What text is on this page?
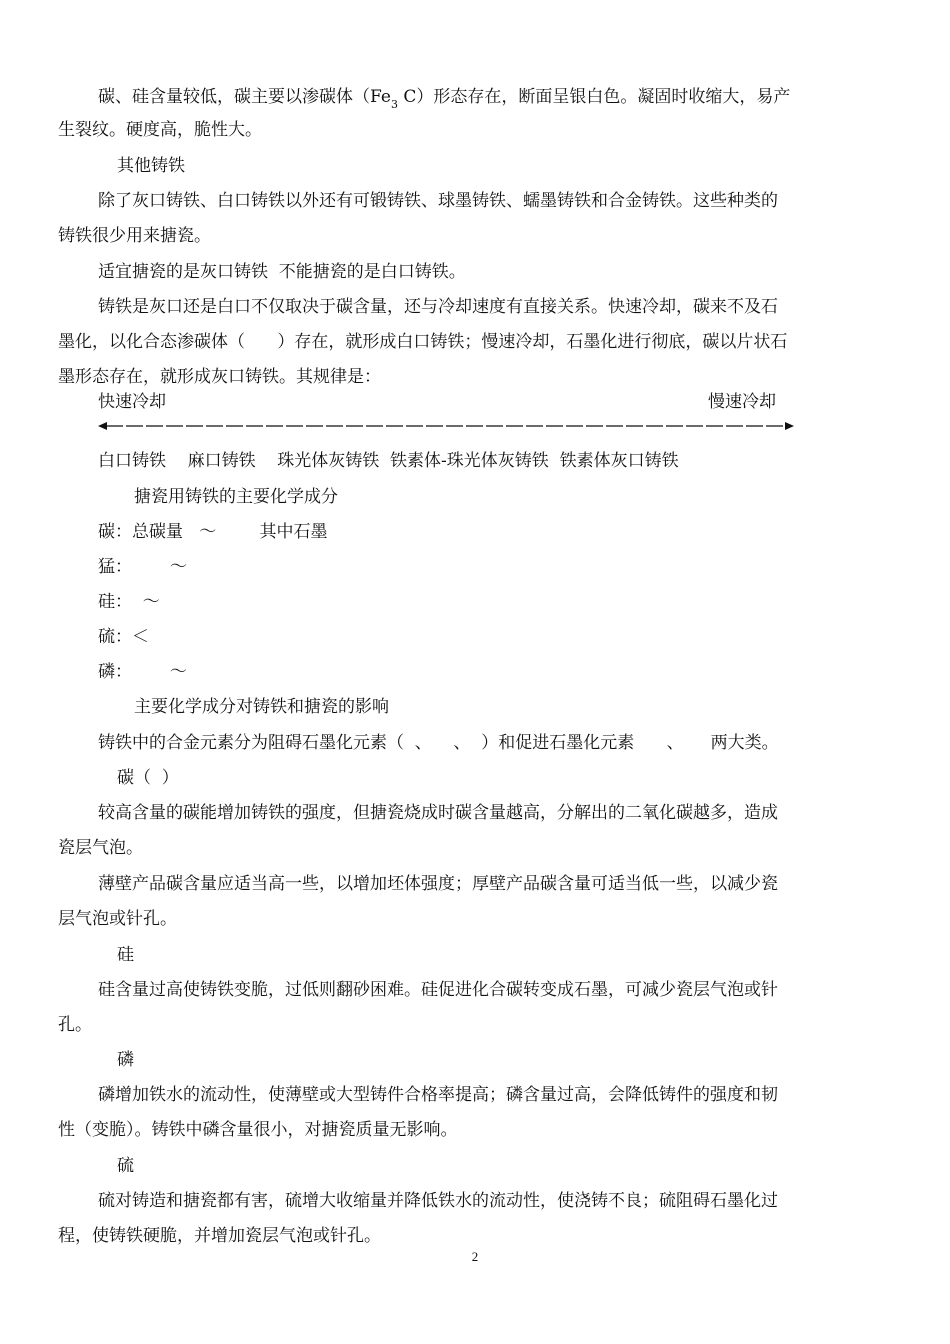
碳、硅含量较低，碳主要以渗碳体（$Fe_3$ C）形态存在，断面呈银白色。凝固时收缩大，易产
生裂纹。硬度高，脆性大。
其他铸铁
除了灰口铸铁、白口铸铁以外还有可锻铸铁、球墨铸铁、蠕墨铸铁和合金铸铁。这些种类的
铸铁很少用来搪瓷。
适宜搪瓷的是灰口铸铁  不能搪瓷的是白口铸铁。
铸铁是灰口还是白口不仅取决于碳含量，还与冷却速度有直接关系。快速冷却，碳来不及石
墨化，以化合态渗碳体（      ）存在，就形成白口铸铁；慢速冷却，石墨化进行彻底，碳以片状石
墨形态存在，就形成灰口铸铁。其规律是：
快速冷却	慢速冷却
白口铸铁    麻口铸铁    珠光体灰铸铁  铁素体-珠光体灰铸铁  铁素体灰口铸铁
搪瓷用铸铁的主要化学成分
碳：总碳量   ～        其中石墨
猛：       ～
硅：  ～
硫：＜
磷：       ～
主要化学成分对铸铁和搪瓷的影响
铸铁中的合金元素分为阻碍石墨化元素（  、    、  ）和促进石墨化元素      、     两大类。
碳（  ）
较高含量的碳能增加铸铁的强度，但搪瓷烧成时碳含量越高，分解出的二氧化碳越多，造成
瓷层气泡。
薄壁产品碳含量应适当高一些，以增加坯体强度；厚壁产品碳含量可适当低一些，以减少瓷
层气泡或针孔。
硅
硅含量过高使铸铁变脆，过低则翻砂困难。硅促进化合碳转变成石墨，可减少瓷层气泡或针
孔。
磷
磷增加铁水的流动性，使薄壁或大型铸件合格率提高；磷含量过高，会降低铸件的强度和韧
性（变脆）。铸铁中磷含量很小，对搪瓷质量无影响。
硫
硫对铸造和搪瓷都有害，硫增大收缩量并降低铁水的流动性，使浇铸不良；硫阻碍石墨化过
程，使铸铁硬脆，并增加瓷层气泡或针孔。
2
